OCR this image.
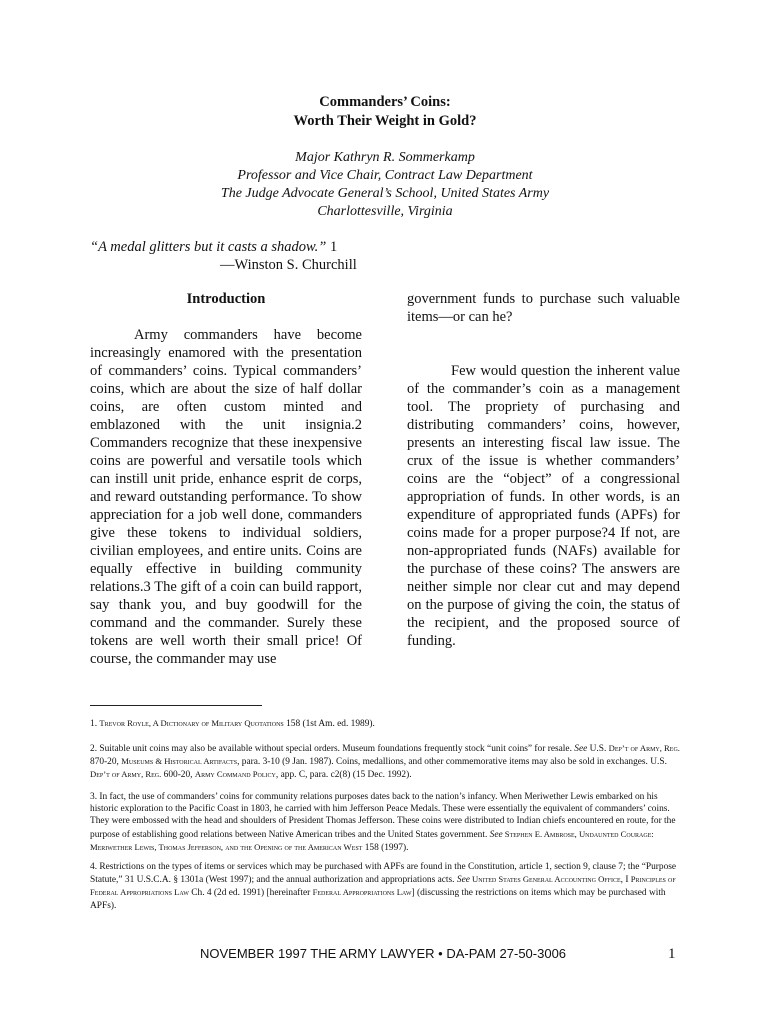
Commanders’ Coins:
Worth Their Weight in Gold?
Major Kathryn R. Sommerkamp
Professor and Vice Chair, Contract Law Department
The Judge Advocate General’s School, United States Army
Charlottesville, Virginia
“A medal glitters but it casts a shadow.” 1
—Winston S. Churchill
Introduction

Army commanders have become increasingly enamored with the presentation of commanders’ coins. Typical commanders’ coins, which are about the size of half dollar coins, are often custom minted and emblazoned with the unit insignia.2 Commanders recognize that these inexpensive coins are powerful and versatile tools which can instill unit pride, enhance esprit de corps, and reward outstanding performance. To show appreciation for a job well done, commanders give these tokens to individual soldiers, civilian employees, and entire units. Coins are equally effective in building community relations.3 The gift of a coin can build rapport, say thank you, and buy goodwill for the command and the commander. Surely these tokens are well worth their small price! Of course, the commander may use

government funds to purchase such valuable items—or can he?

Few would question the inherent value of the commander’s coin as a management tool. The propriety of purchasing and distributing commanders’ coins, however, presents an interesting fiscal law issue. The crux of the issue is whether commanders’ coins are the “object” of a congressional appropriation of funds. In other words, is an expenditure of appropriated funds (APFs) for coins made for a proper purpose?4 If not, are non-appropriated funds (NAFs) available for the purchase of these coins? The answers are neither simple nor clear cut and may depend on the purpose of giving the coin, the status of the recipient, and the proposed source of funding.

1. Trevor Royle, A Dictionary of Military Quotations 158 (1st Am. ed. 1989).
2. Suitable unit coins may also be available without special orders. Museum foundations frequently stock “unit coins” for resale. See U.S. Dep’t of Army, Reg. 870-20, Museums & Historical Artifacts, para. 3-10 (9 Jan. 1987). Coins, medallions, and other commemorative items may also be sold in exchanges. U.S. Dep’t of Army, Reg. 600-20, Army Command Policy, app. C, para. c2(8) (15 Dec. 1992).
3. In fact, the use of commanders’ coins for community relations purposes dates back to the nation’s infancy. When Meriwether Lewis embarked on his historic exploration to the Pacific Coast in 1803, he carried with him Jefferson Peace Medals. These were essentially the equivalent of commanders’ coins. They were embossed with the head and shoulders of President Thomas Jefferson. These coins were distributed to Indian chiefs encountered en route, for the purpose of establishing good relations between Native American tribes and the United States government. See Stephen E. Ambrose, Undaunted Courage: Meriwether Lewis, Thomas Jefferson, and the Opening of the American West 158 (1997).
4. Restrictions on the types of items or services which may be purchased with APFs are found in the Constitution, article 1, section 9, clause 7; the “Purpose Statute,” 31 U.S.C.A. § 1301a (West 1997); and the annual authorization and appropriations acts. See United States General Accounting Office, I Principles of Federal Appropriations Law Ch. 4 (2d ed. 1991) [hereinafter Federal Appropriations Law] (discussing the restrictions on items which may be purchased with APFs).
NOVEMBER 1997 THE ARMY LAWYER • DA-PAM 27-50-3006	1
